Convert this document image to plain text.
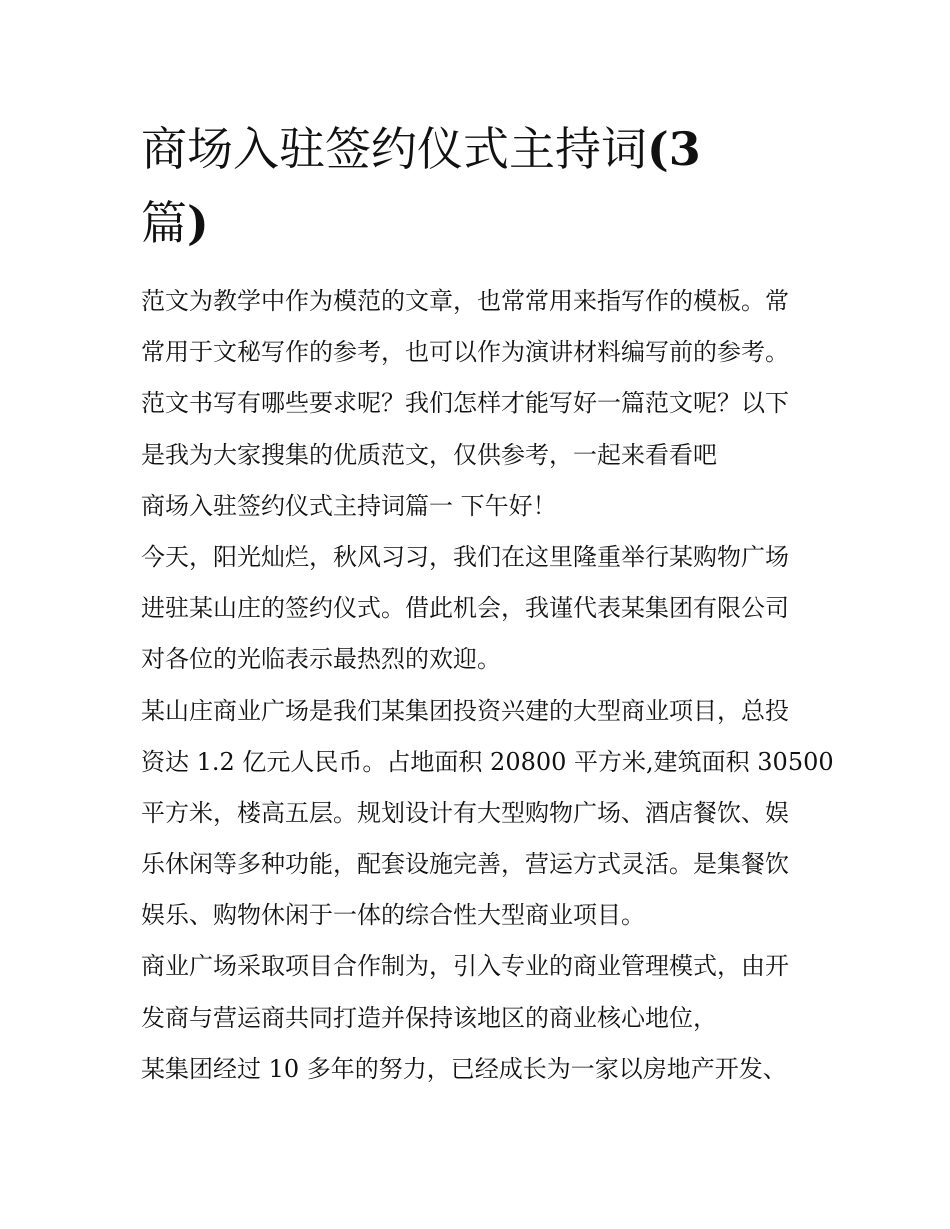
商场入驻签约仪式主持词(3
篇)
范文为教学中作为模范的文章，也常常用来指写作的模板。常
常用于文秘写作的参考，也可以作为演讲材料编写前的参考。
范文书写有哪些要求呢？我们怎样才能写好一篇范文呢？以下
是我为大家搜集的优质范文，仅供参考，一起来看看吧
商场入驻签约仪式主持词篇一 下午好！
今天，阳光灿烂，秋风习习，我们在这里隆重举行某购物广场
进驻某山庄的签约仪式。借此机会，我谨代表某集团有限公司
对各位的光临表示最热烈的欢迎。
某山庄商业广场是我们某集团投资兴建的大型商业项目，总投
资达 1.2 亿元人民币。占地面积 20800 平方米,建筑面积 30500
平方米，楼高五层。规划设计有大型购物广场、酒店餐饮、娱
乐休闲等多种功能，配套设施完善，营运方式灵活。是集餐饮
娱乐、购物休闲于一体的综合性大型商业项目。
商业广场采取项目合作制为，引入专业的商业管理模式，由开
发商与营运商共同打造并保持该地区的商业核心地位，
某集团经过 10 多年的努力，已经成长为一家以房地产开发、
